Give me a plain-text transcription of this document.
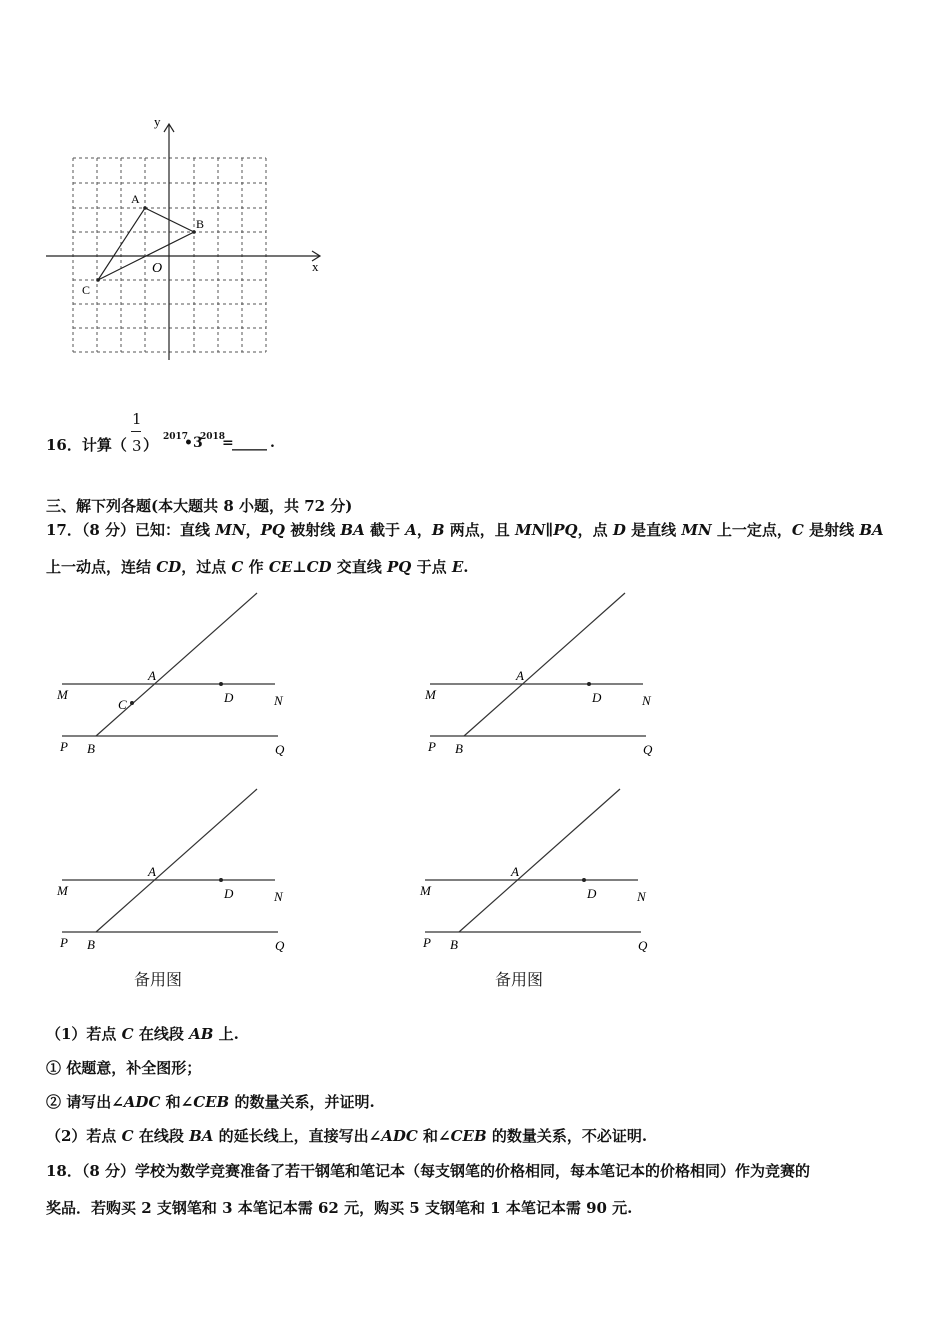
x
y
O
A
B
C
16．计算（
1
3 ） 2017
•3
2018
=
_____ .
三、解下列各题(本大题共 8 小题，共 72 分)
17．（8 分）已知：直线 MN，PQ 被射线 BA 截于 A，B 两点，且 MN∥PQ，点 D 是直线 MN 上一定点，C 是射线 BA
上一动点，连结 CD，过点 C 作 CE⊥CD 交直线 PQ 于点 E.
M	N
A
D
C
P B	Q
M	N
A
D
P B	Q
M	N
A
D
P B	Q
M	N
A
D
P B	Q
备用图	备用图
（1）若点 C 在线段 AB 上.
① 依题意，补全图形；
② 请写出∠ADC 和∠CEB 的数量关系，并证明.
（2）若点 C 在线段 BA 的延长线上，直接写出∠ADC 和∠CEB 的数量关系，不必证明.
18．（8 分）学校为数学竞赛准备了若干钢笔和笔记本（每支钢笔的价格相同，每本笔记本的价格相同）作为竞赛的
奖品．若购买 2 支钢笔和 3 本笔记本需 62 元，购买 5 支钢笔和 1 本笔记本需 90 元.
